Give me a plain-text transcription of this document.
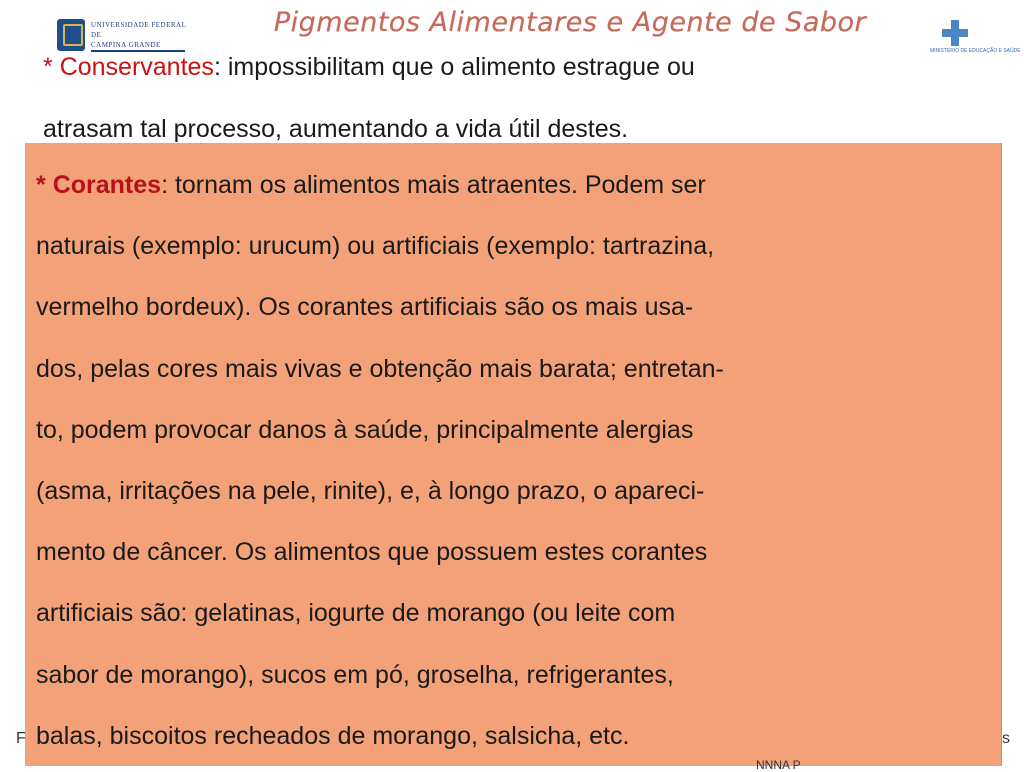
UNIVERSIDADE FEDERAL DE
CAMPINA GRANDE
Pigmentos Alimentares e Agente de Sabor
MINISTÉRIO DE EDUCAÇÃO E SAÚDE
* Conservantes: impossibilitam que o alimento estrague ou
atrasam tal processo, aumentando a vida útil destes.
* Corantes: tornam os alimentos mais atraentes. Podem ser
naturais (exemplo: urucum) ou artificiais (exemplo: tartrazina,
vermelho bordeux). Os corantes artificiais são os mais usa-
dos, pelas cores mais vivas e obtenção mais barata; entretan-
to, podem provocar danos à saúde, principalmente alergias
(asma, irritações na pele, rinite), e, à longo prazo, o apareci-
mento de câncer. Os alimentos que possuem estes corantes
artificiais são: gelatinas, iogurte de morango (ou leite com
sabor de morango), sucos em pó, groselha, refrigerantes,
balas, biscoitos recheados de morango, salsicha, etc.
F	s
NNNA P
